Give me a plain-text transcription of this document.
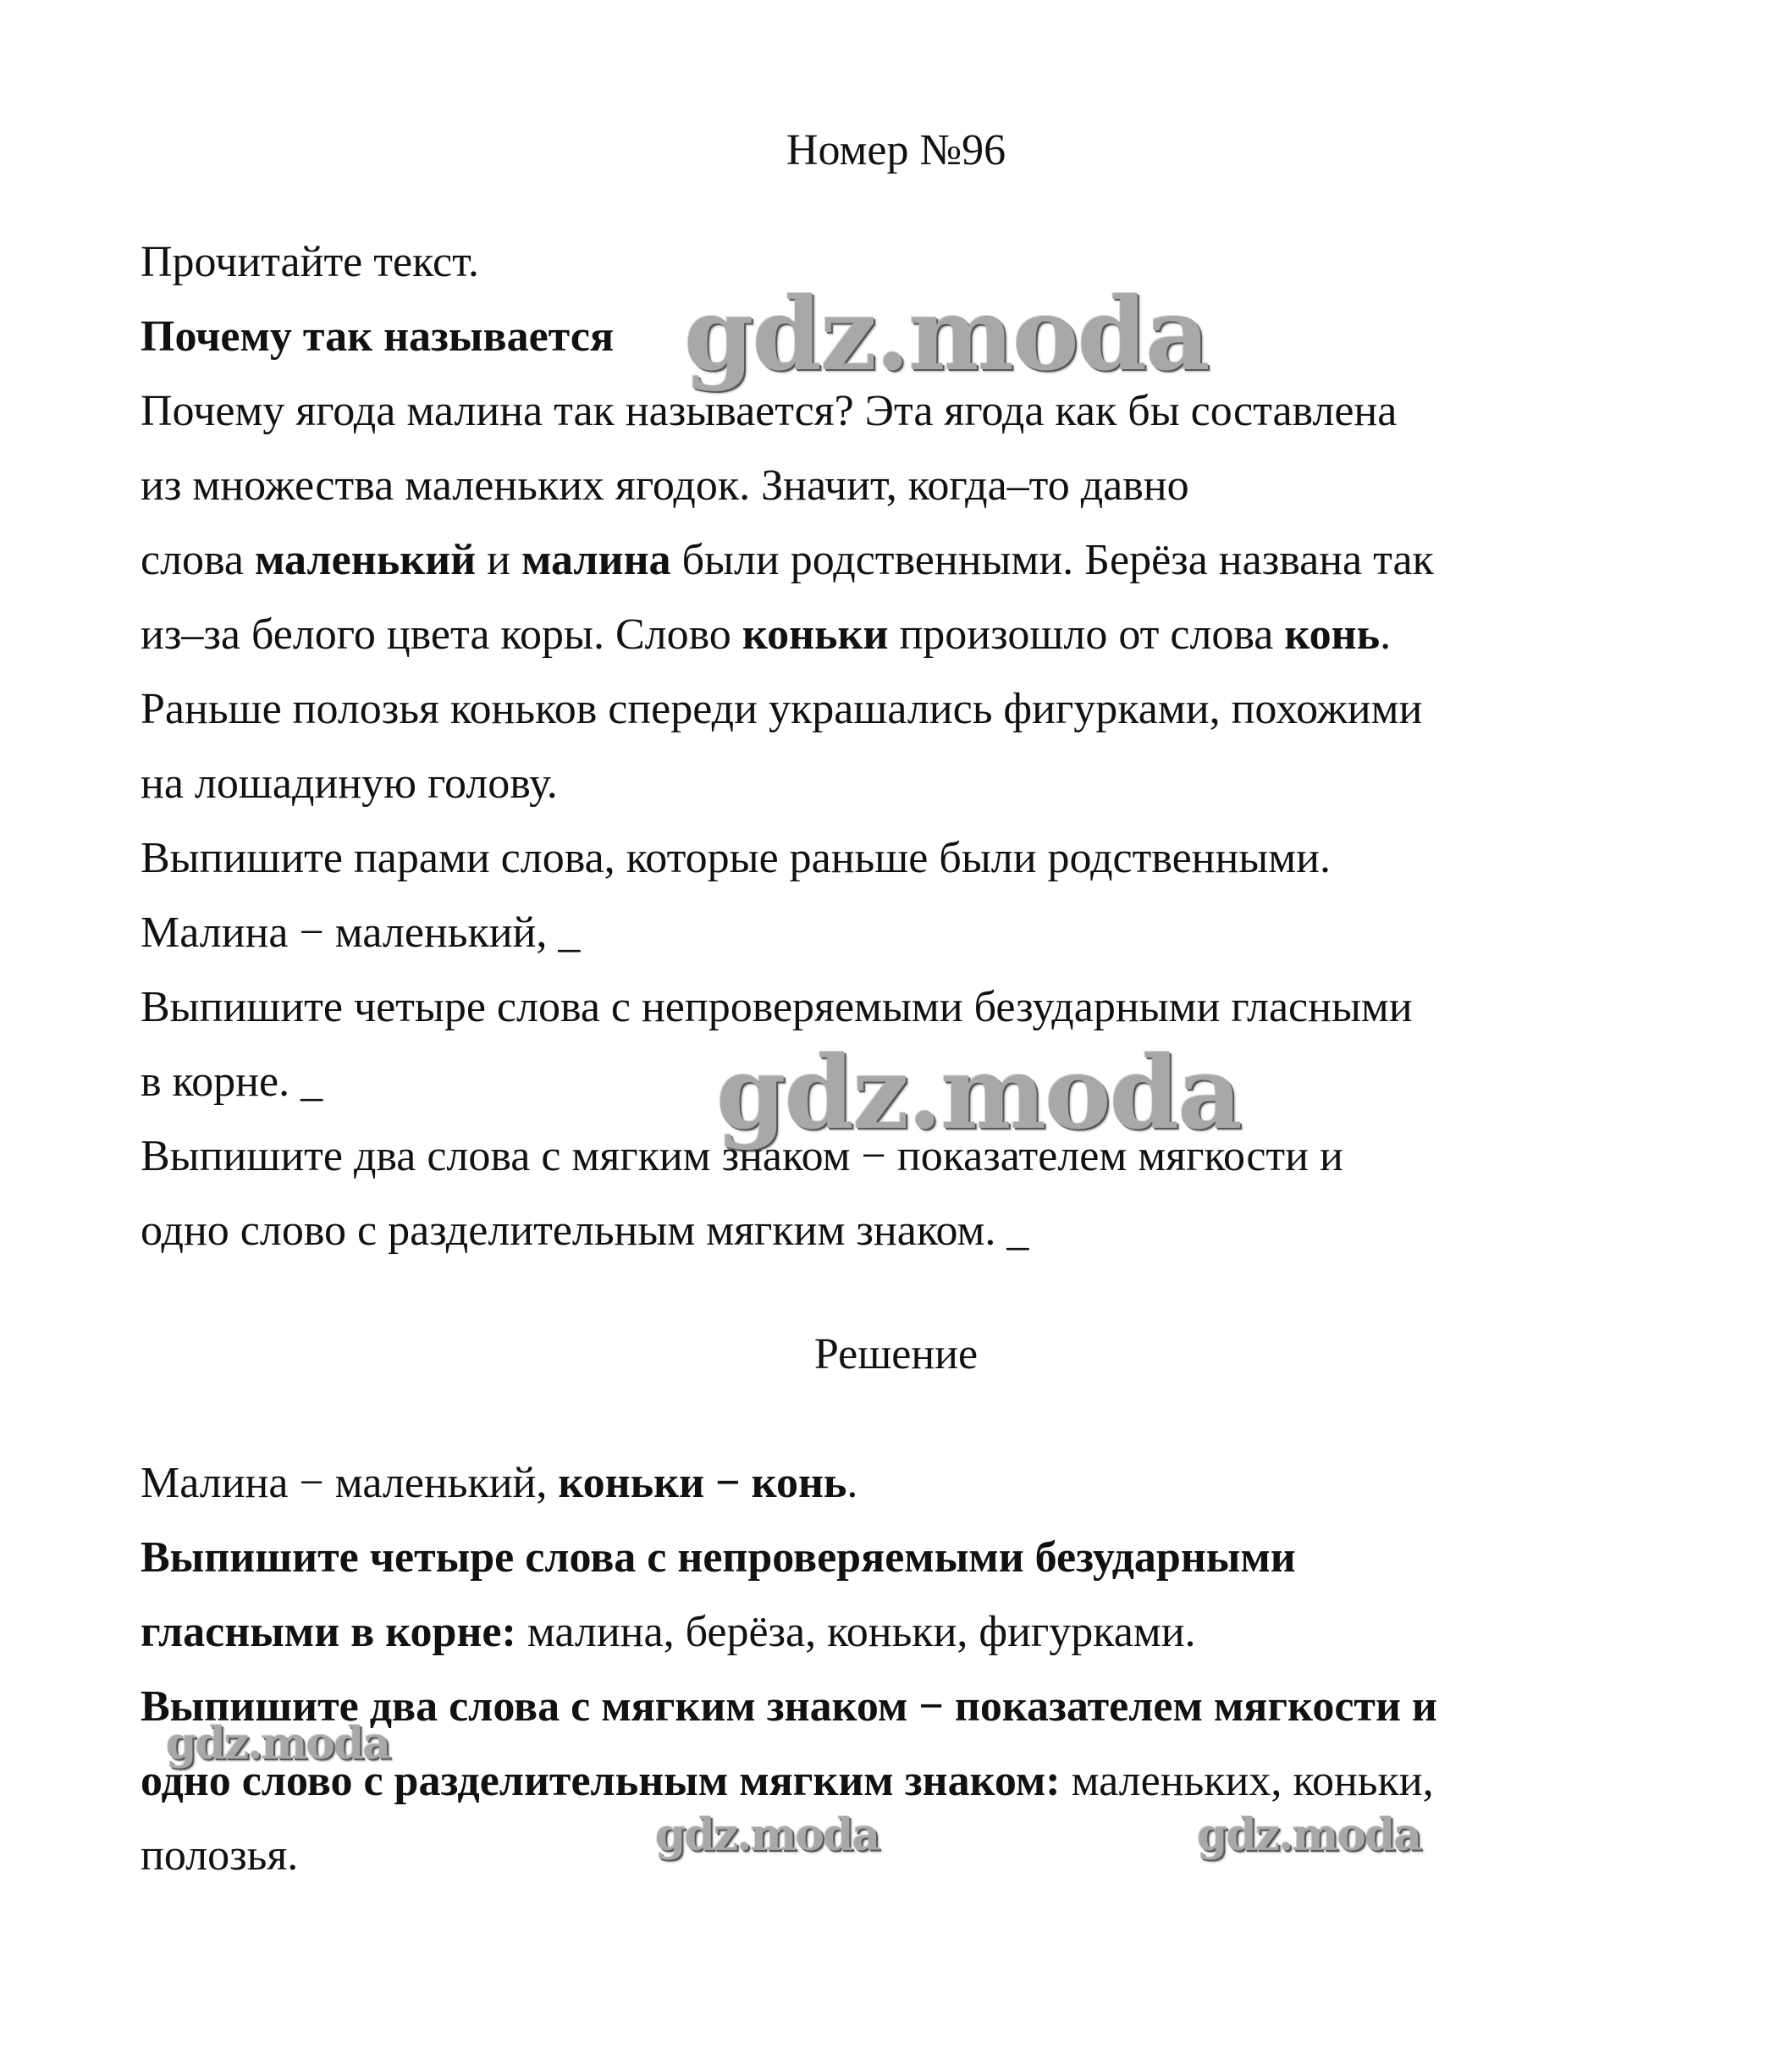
Номер №96
Прочитайте текст.
Почему так называется
Почему ягода малина так называется? Эта ягода как бы составлена
из множества маленьких ягодок. Значит, когда–то давно
слова маленький и малина были родственными. Берёза названа так
из–за белого цвета коры. Слово коньки произошло от слова конь.
Раньше полозья коньков спереди украшались фигурками, похожими
на лошадиную голову.
Выпишите парами слова, которые раньше были родственными.
Малина − маленький, _
Выпишите четыре слова с непроверяемыми безударными гласными
в корне. _
Выпишите два слова с мягким знаком − показателем мягкости и
одно слово с разделительным мягким знаком. _
Решение
Малина − маленький, коньки − конь.
Выпишите четыре слова с непроверяемыми безударными
гласными в корне: малина, берёза, коньки, фигурками.
Выпишите два слова с мягким знаком − показателем мягкости и
одно слово с разделительным мягким знаком: маленьких, коньки,
полозья.
gdz.moda
gdz.moda
gdz.moda
gdz.moda	gdz.moda
